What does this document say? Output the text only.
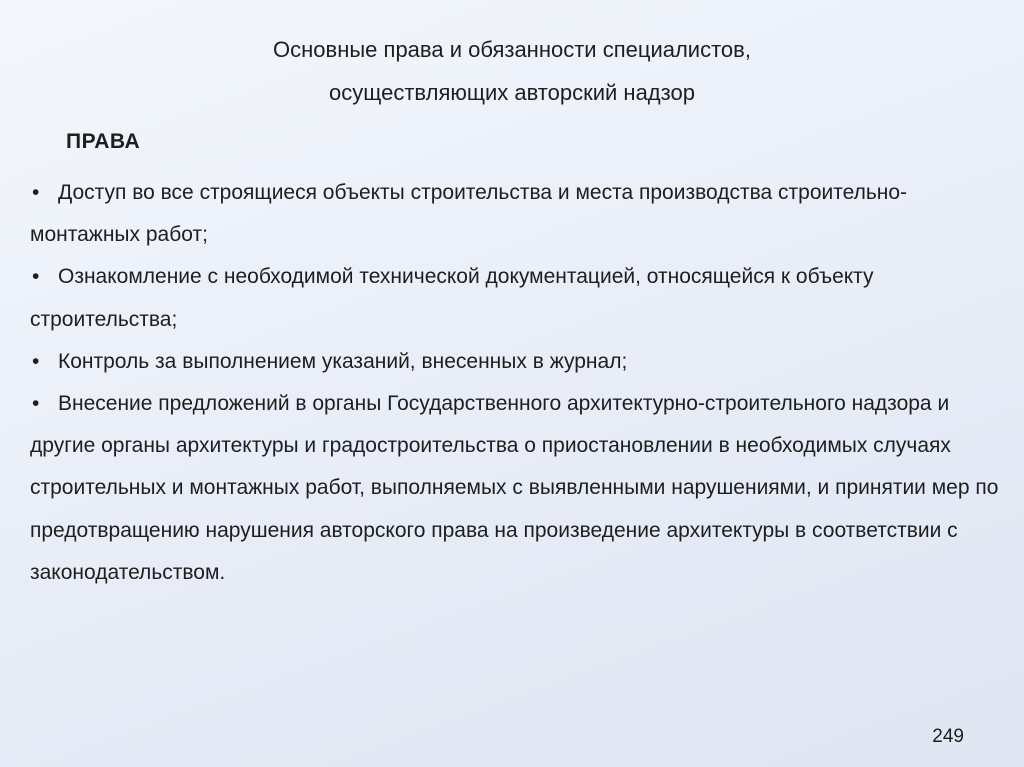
Основные права и обязанности специалистов,
осуществляющих авторский надзор
ПРАВА

• Доступ во все строящиеся объекты строительства и места производства строительно-монтажных работ;

• Ознакомление с необходимой технической документацией, относящейся к объекту строительства;

• Контроль за выполнением указаний, внесенных в журнал;

• Внесение предложений в органы Государственного архитектурно-строительного надзора и другие органы архитектуры и градостроительства о приостановлении в необходимых случаях строительных и монтажных работ, выполняемых с выявленными нарушениями, и принятии мер по предотвращению нарушения авторского права на произведение архитектуры в соответствии с законодательством.

249
